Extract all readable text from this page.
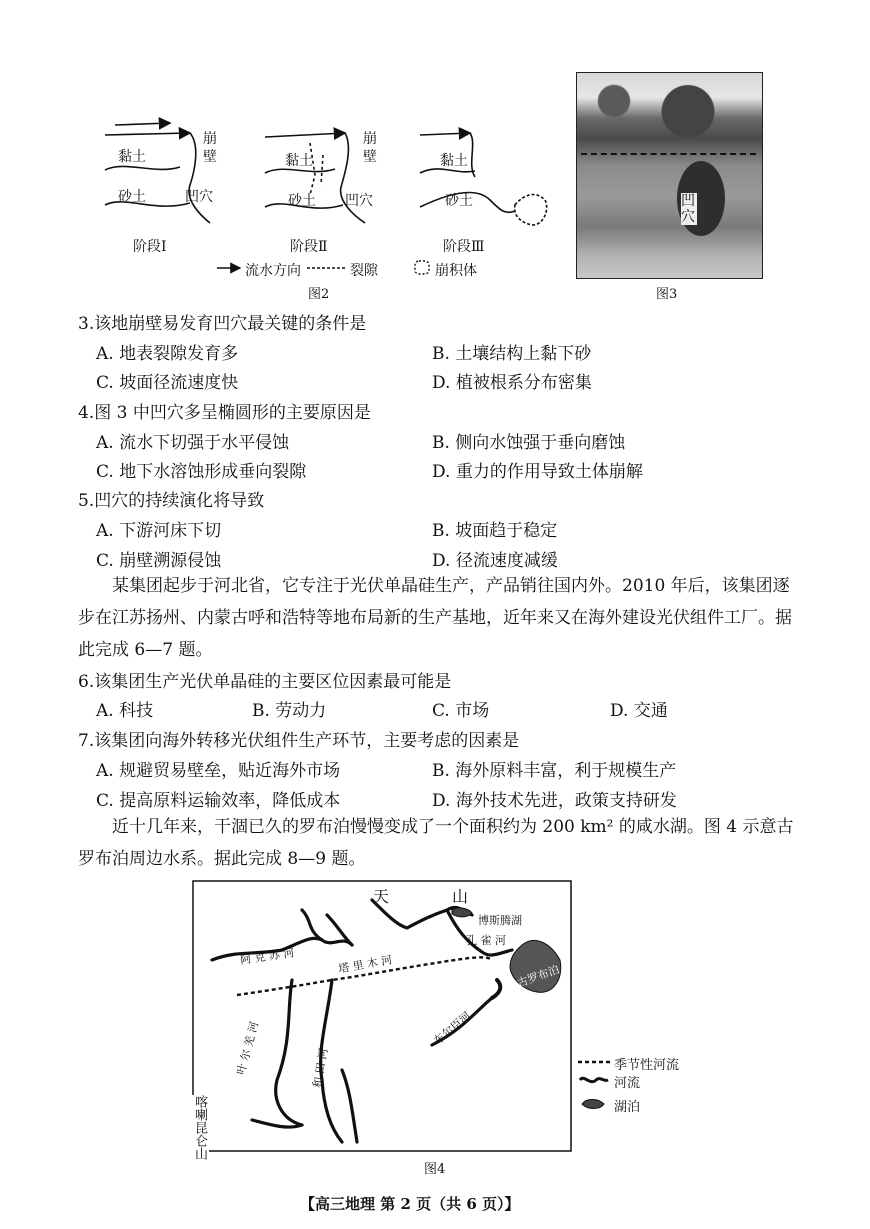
黏土
砂土
崩壁
凹穴
阶段Ⅰ
黏土
砂土
崩壁
凹穴
阶段Ⅱ
黏土
砂土
阶段Ⅲ
流水方向	裂隙	崩积体
图2
凹穴
图3
3.该地崩壁易发育凹穴最关键的条件是
A. 地表裂隙发育多	B. 土壤结构上黏下砂
C. 坡面径流速度快	D. 植被根系分布密集
4.图 3 中凹穴多呈椭圆形的主要原因是
A. 流水下切强于水平侵蚀	B. 侧向水蚀强于垂向磨蚀
C. 地下水溶蚀形成垂向裂隙	D. 重力的作用导致土体崩解
5.凹穴的持续演化将导致
A. 下游河床下切	B. 坡面趋于稳定
C. 崩壁溯源侵蚀	D. 径流速度减缓
某集团起步于河北省，它专注于光伏单晶硅生产，产品销往国内外。2010 年后，该集团逐步在江苏扬州、内蒙古呼和浩特等地布局新的生产基地，近年来又在海外建设光伏组件工厂。据此完成 6—7 题。
6.该集团生产光伏单晶硅的主要区位因素最可能是
A. 科技	B. 劳动力	C. 市场	D. 交通
7.该集团向海外转移光伏组件生产环节，主要考虑的因素是
A. 规避贸易壁垒，贴近海外市场	B. 海外原料丰富，利于规模生产
C. 提高原料运输效率，降低成本	D. 海外技术先进，政策支持研发
近十几年来，干涸已久的罗布泊慢慢变成了一个面积约为 200 km² 的咸水湖。图 4 示意古罗布泊周边水系。据此完成 8—9 题。
季节性河流
河流
湖泊
天	山
博斯腾湖
孔 雀 河
阿 克 苏 河	塔 里 木 河
叶 尔 羌 河	和 田 河
车尔臣河
古罗布泊
喀喇昆仑山
图4
【高三地理 第 2 页（共 6 页）】
